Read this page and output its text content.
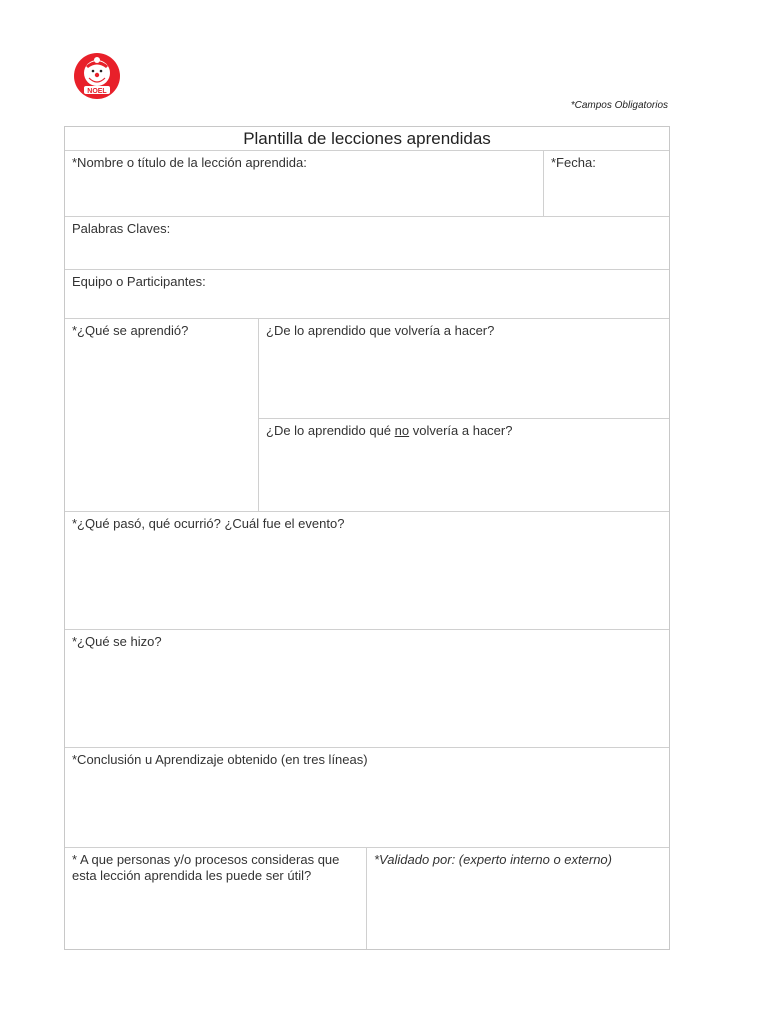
NOEL
*Campos Obligatorios
Plantilla de lecciones aprendidas
*Nombre o título de la lección aprendida:	*Fecha:
Palabras Claves:
Equipo o Participantes:
*¿Qué se aprendió?	¿De lo aprendido que volvería a hacer?
¿De lo aprendido qué no volvería a hacer?
*¿Qué pasó, qué ocurrió? ¿Cuál fue el evento?
*¿Qué se hizo?
*Conclusión u Aprendizaje obtenido (en tres líneas)
* A que personas y/o procesos consideras que esta lección aprendida les puede ser útil?
*Validado por: (experto interno o externo)
